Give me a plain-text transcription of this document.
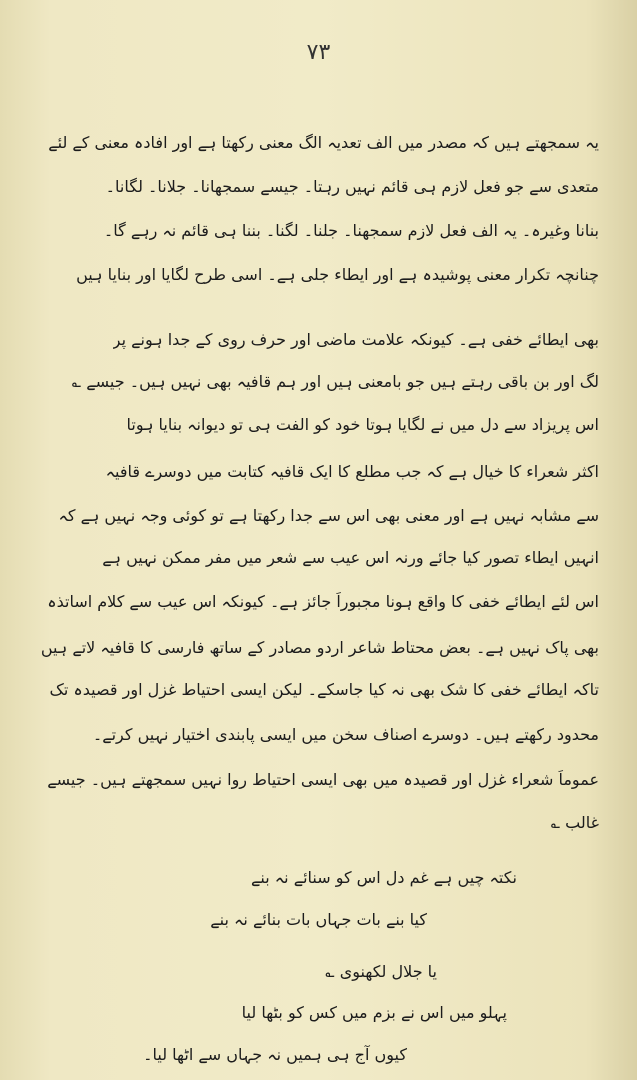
۷۳
یہ سمجھتے ہیں کہ مصدر میں الف تعدیہ الگ معنی رکھتا ہے اور افادہ معنی کے لئے
متعدی سے جو فعل لازم ہی قائم نہیں رہتا۔ جیسے سمجھانا۔ جلانا۔ لگانا۔
بنانا وغیرہ۔ یہ الف فعل لازم سمجھنا۔ جلنا۔ لگنا۔ بننا ہی قائم نہ رہے گا۔
چنانچہ تکرار معنی پوشیدہ ہے اور ایطاء جلی ہے۔ اسی طرح لگایا اور بنایا ہیں
بھی ایطائے خفی ہے۔ کیونکہ علامت ماضی اور حرف روی کے جدا ہونے پر
لگ اور بن باقی رہتے ہیں جو بامعنی ہیں اور ہم قافیہ بھی نہیں ہیں۔ جیسے ؎
اس پریزاد سے دل میں نے لگایا ہوتا خود کو الفت ہی تو دیوانہ بنایا ہوتا
اکثر شعراء کا خیال ہے کہ جب مطلع کا ایک قافیہ کتابت میں دوسرے قافیہ
سے مشابہ نہیں ہے اور معنی بھی اس سے جدا رکھتا ہے تو کوئی وجہ نہیں ہے کہ
انہیں ایطاء تصور کیا جائے ورنہ اس عیب سے شعر میں مفر ممکن نہیں ہے
اس لئے ایطائے خفی کا واقع ہونا مجبوراً جائز ہے۔ کیونکہ اس عیب سے کلام اساتذہ
بھی پاک نہیں ہے۔ بعض محتاط شاعر اردو مصادر کے ساتھ فارسی کا قافیہ لاتے ہیں
تاکہ ایطائے خفی کا شک بھی نہ کیا جاسکے۔ لیکن ایسی احتیاط غزل اور قصیدہ تک
محدود رکھتے ہیں۔ دوسرے اصناف سخن میں ایسی پابندی اختیار نہیں کرتے۔
عموماً شعراء غزل اور قصیدہ میں بھی ایسی احتیاط روا نہیں سمجھتے ہیں۔ جیسے
غالب ؎
نکتہ چیں ہے غم دل اس کو سنائے نہ بنے
کیا بنے بات جہاں بات بنائے نہ بنے
یا جلال لکھنوی ؎
پہلو میں اس نے بزم میں کس کو بٹھا لیا
کیوں آج ہی ہمیں نہ جہاں سے اٹھا لیا۔
